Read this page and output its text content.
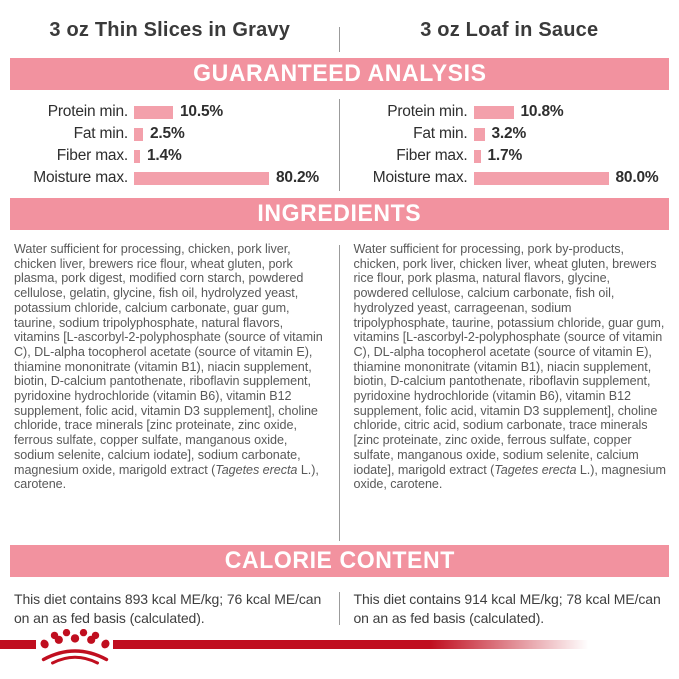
3 oz Thin Slices in Gravy	3 oz Loaf in Sauce
GUARANTEED ANALYSIS
Protein min.	10.5%
Fat min.	2.5%
Fiber max.	1.4%
Moisture max.	80.2%
Protein min.	10.8%
Fat min.	3.2%
Fiber max.	1.7%
Moisture max.	80.0%
INGREDIENTS
Water sufficient for processing, chicken, pork liver, chicken liver, brewers rice flour, wheat gluten, pork plasma, pork digest, modified corn starch, powdered cellulose, gelatin, glycine, fish oil, hydrolyzed yeast, potassium chloride, calcium carbonate, guar gum, taurine, sodium tripolyphosphate, natural flavors, vitamins [L-ascorbyl-2-polyphosphate (source of vitamin C), DL-alpha tocopherol acetate (source of vitamin E), thiamine mononitrate (vitamin B1), niacin supplement, biotin, D-calcium pantothenate, riboflavin supplement, pyridoxine hydrochloride (vitamin B6), vitamin B12 supplement, folic acid, vitamin D3 supplement], choline chloride, trace minerals [zinc proteinate, zinc oxide, ferrous sulfate, copper sulfate, manganous oxide, sodium selenite, calcium iodate], sodium carbonate, magnesium oxide, marigold extract (Tagetes erecta L.), carotene.
Water sufficient for processing, pork by-products, chicken, pork liver, chicken liver, wheat gluten, brewers rice flour, pork plasma, natural flavors, glycine, powdered cellulose, calcium carbonate, fish oil, hydrolyzed yeast, carrageenan, sodium tripolyphosphate, taurine, potassium chloride, guar gum, vitamins [L-ascorbyl-2-polyphosphate (source of vitamin C), DL-alpha tocopherol acetate (source of vitamin E), thiamine mononitrate (vitamin B1), niacin supplement, biotin, D-calcium pantothenate, riboflavin supplement, pyridoxine hydrochloride (vitamin B6), vitamin B12 supplement, folic acid, vitamin D3 supplement], choline chloride, citric acid, sodium carbonate, trace minerals [zinc proteinate, zinc oxide, ferrous sulfate, copper sulfate, manganous oxide, sodium selenite, calcium iodate], marigold extract (Tagetes erecta L.), magnesium oxide, carotene.
CALORIE CONTENT
This diet contains 893 kcal ME/kg; 76 kcal ME/can on an as fed basis (calculated).
This diet contains 914 kcal ME/kg; 78 kcal ME/can on an as fed basis (calculated).
